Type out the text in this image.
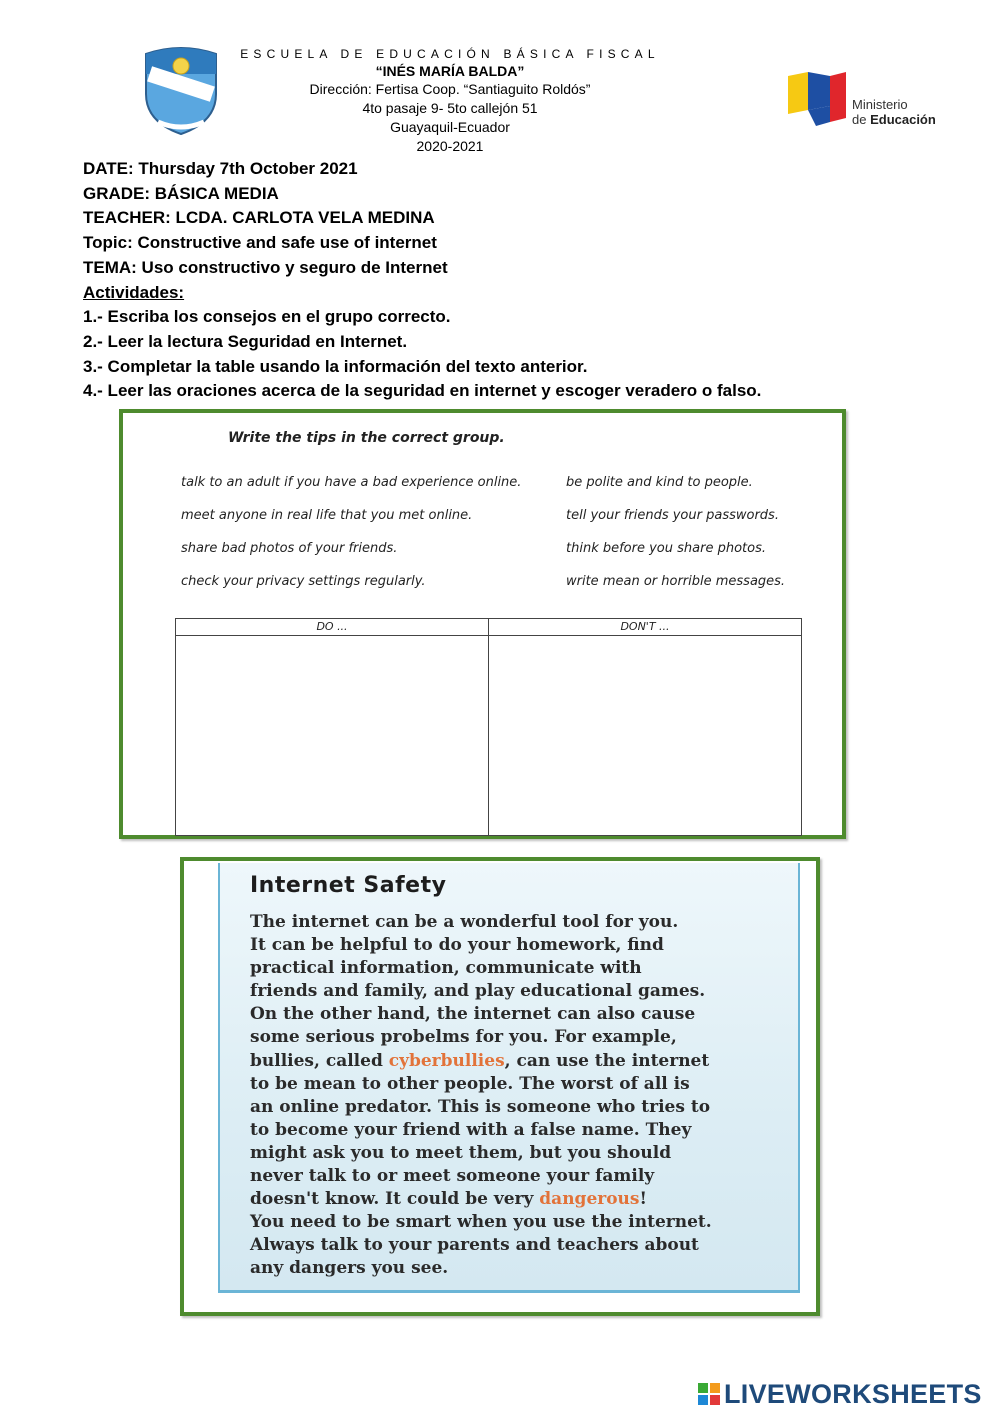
ESCUELA DE EDUCACIÓN BÁSICA FISCAL
“INÉS MARÍA BALDA”
Dirección: Fertisa Coop. “Santiaguito Roldós”
4to pasaje 9- 5to callejón 51
Guayaquil-Ecuador
2020-2021
Ministerio
de Educación
DATE: Thursday 7th October 2021
GRADE: BÁSICA MEDIA
TEACHER: LCDA. CARLOTA VELA MEDINA
Topic: Constructive and safe use of internet
TEMA: Uso constructivo y seguro de Internet
Actividades:
1.- Escriba los consejos en el grupo correcto.
2.- Leer la lectura Seguridad en Internet.
3.- Completar la table usando la información del texto anterior.
4.- Leer las oraciones acerca de la seguridad en internet y escoger veradero o falso.
Write the tips in the correct group.
talk to an adult if you have a bad experience online.
meet anyone in real life that you met online.
share bad photos of your friends.
check your privacy settings regularly.
be polite and kind to people.
tell your friends your passwords.
think before you share photos.
write mean or horrible messages.
DO ...	DON'T ...
Internet Safety
The internet can be a wonderful tool for you.
It can be helpful to do your homework, find
practical information, communicate with
friends and family, and play educational games.
On the other hand, the internet can also cause
some serious probelms for you. For example,
bullies, called cyberbullies, can use the internet
to be mean to other people. The worst of all is
an online predator. This is someone who tries to
to become your friend with a false name. They
might ask you to meet them, but you should
never talk to or meet someone your family
doesn't know. It could be very dangerous!
You need to be smart when you use the internet.
Always talk to your parents and teachers about
any dangers you see.
LIVEWORKSHEETS
